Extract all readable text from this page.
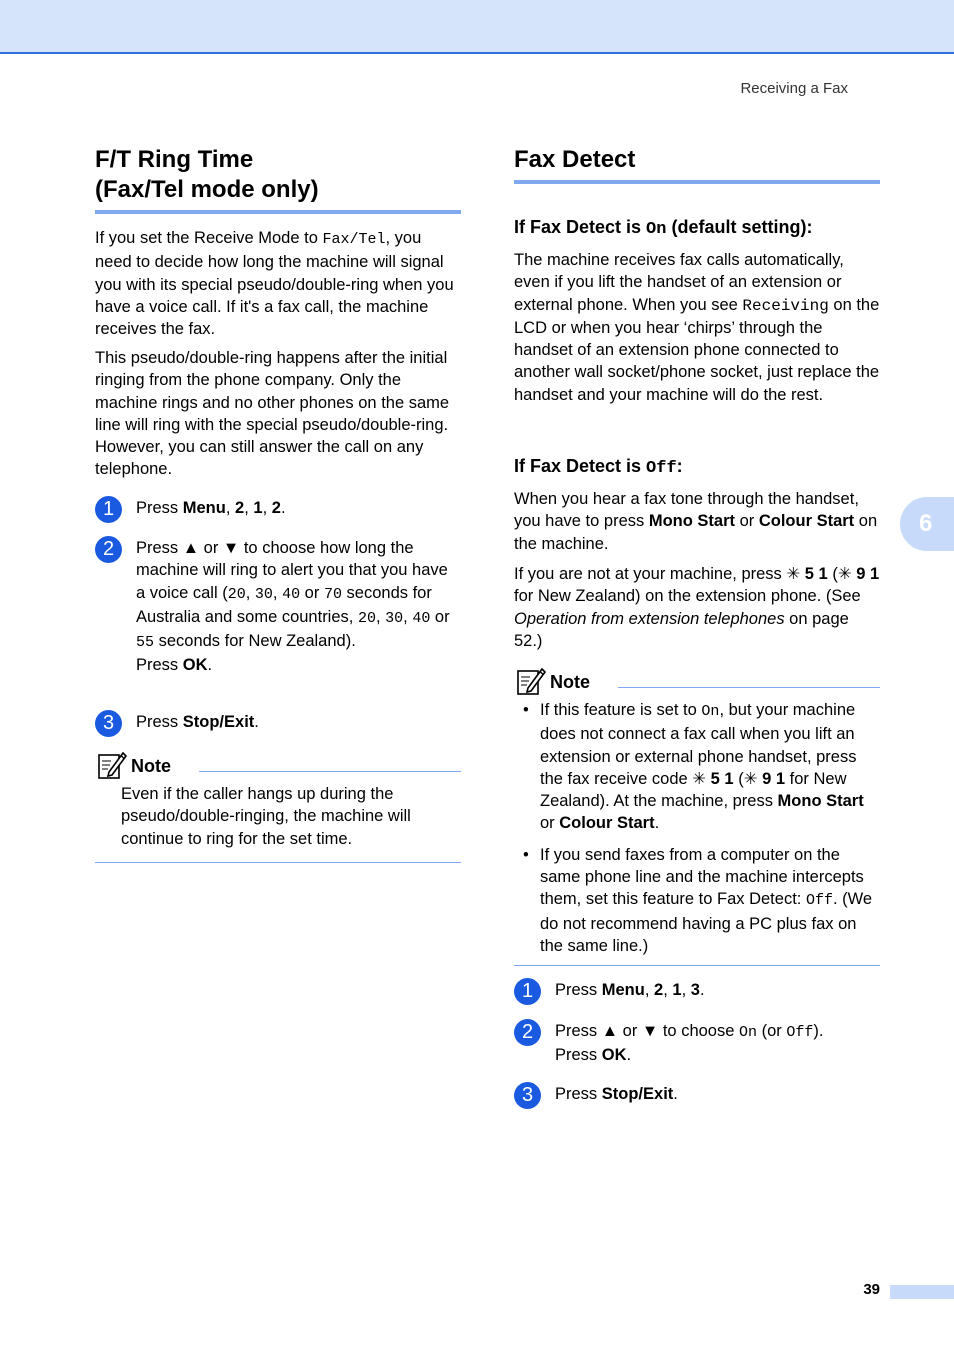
Receiving a Fax
6
39
F/T Ring Time
(Fax/Tel mode only)

If you set the Receive Mode to Fax/Tel, you need to decide how long the machine will signal you with its special pseudo/double-ring when you have a voice call. If it's a fax call, the machine receives the fax.

This pseudo/double-ring happens after the initial ringing from the phone company. Only the machine rings and no other phones on the same line will ring with the special pseudo/double-ring. However, you can still answer the call on any telephone.

1	Press Menu, 2, 1, 2.
2	Press ▲ or ▼ to choose how long the machine will ring to alert you that you have a voice call (20, 30, 40 or 70 seconds for Australia and some countries, 20, 30, 40 or 55 seconds for New Zealand).
Press OK.
3	Press Stop/Exit.
Note

Even if the caller hangs up during the pseudo/double-ringing, the machine will continue to ring for the set time.

Fax Detect
If Fax Detect is On (default setting):

The machine receives fax calls automatically, even if you lift the handset of an extension or external phone. When you see Receiving on the LCD or when you hear ‘chirps’ through the handset of an extension phone connected to another wall socket/phone socket, just replace the handset and your machine will do the rest.

If Fax Detect is Off:

When you hear a fax tone through the handset, you have to press Mono Start or Colour Start on the machine.

If you are not at your machine, press ✳ 5 1 (✳ 9 1 for New Zealand) on the extension phone. (See Operation from extension telephones on page 52.)

Note
• If this feature is set to On, but your machine does not connect a fax call when you lift an extension or external phone handset, press the fax receive code ✳ 5 1 (✳ 9 1 for New Zealand). At the machine, press Mono Start or Colour Start.
• If you send faxes from a computer on the same phone line and the machine intercepts them, set this feature to Fax Detect: Off. (We do not recommend having a PC plus fax on the same line.)
1	Press Menu, 2, 1, 3.
2	Press ▲ or ▼ to choose On (or Off).
Press OK.
3	Press Stop/Exit.
